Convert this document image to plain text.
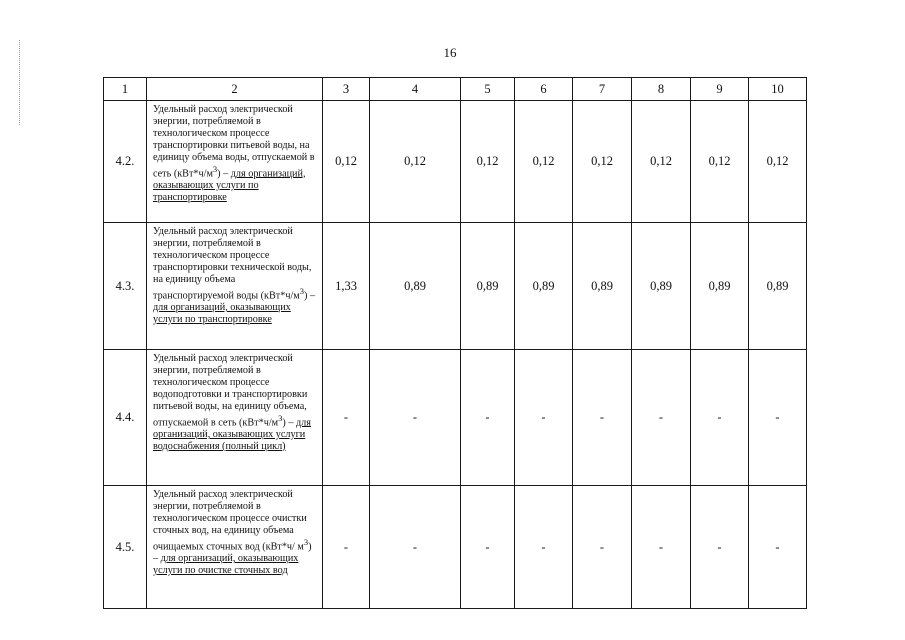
16
1	2	3	4	5	6	7	8	9	10
4.2.	Удельный расход электрической энергии, потребляемой в технологическом процессе транспортировки питьевой воды, на единицу объема воды, отпускаемой в сеть $(кВт*ч/м^3)$ – для организаций, оказывающих услуги по транспортировке	0,12	0,12	0,12	0,12	0,12	0,12	0,12	0,12
4.3.	Удельный расход электрической энергии, потребляемой в технологическом процессе транспортировки технической воды, на единицу объема транспортируемой воды $(кВт*ч/м^3)$ – для организаций, оказывающих услуги по транспортировке	1,33	0,89	0,89	0,89	0,89	0,89	0,89	0,89
4.4.	Удельный расход электрической энергии, потребляемой в технологическом процессе водоподготовки и транспортировки питьевой воды, на единицу объема, отпускаемой в сеть $(кВт*ч/м^3)$ – для организаций, оказывающих услуги водоснабжения (полный цикл)	-	-	-	-	-	-	-	-
4.5.	Удельный расход электрической энергии, потребляемой в технологическом процессе очистки сточных вод, на единицу объема очищаемых сточных вод (кВт*ч/ $м^3$) – для организаций, оказывающих услуги по очистке сточных вод	-	-	-	-	-	-	-	-
